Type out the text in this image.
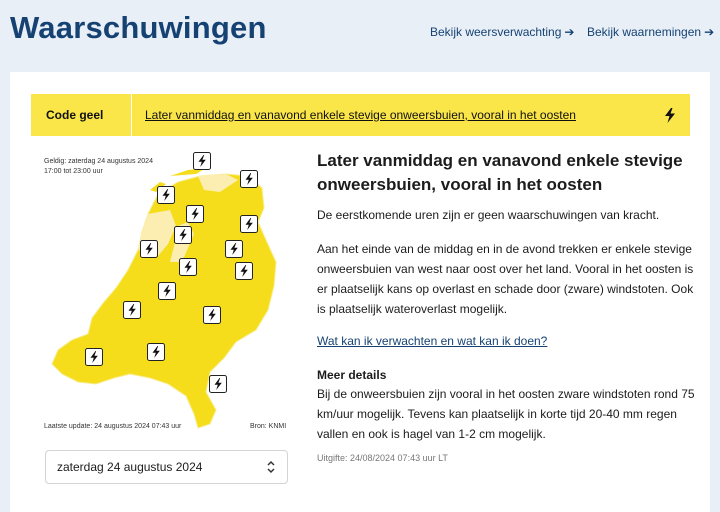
Waarschuwingen	Bekijk weersverwachting ➔ Bekijk waarnemingen ➔
Code geel	Later vanmiddag en vanavond enkele stevige onweersbuien, vooral in het oosten
Geldig: zaterdag 24 augustus 2024
17:00 tot 23:00 uur
Laatste update: 24 augustus 2024 07:43 uur	Bron: KNMI
zaterdag 24 augustus 2024
Later vanmiddag en vanavond enkele stevige onweersbuien, vooral in het oosten

De eerstkomende uren zijn er geen waarschuwingen van kracht.

Aan het einde van de middag en in de avond trekken er enkele stevige onweersbuien van west naar oost over het land. Vooral in het oosten is er plaatselijk kans op overlast en schade door (zware) windstoten. Ook is plaatselijk wateroverlast mogelijk.

Wat kan ik verwachten en wat kan ik doen?
Meer details

Bij de onweersbuien zijn vooral in het oosten zware windstoten rond 75 km/uur mogelijk. Tevens kan plaatselijk in korte tijd 20-40 mm regen vallen en ook is hagel van 1-2 cm mogelijk.

Uitgifte: 24/08/2024 07:43 uur LT
